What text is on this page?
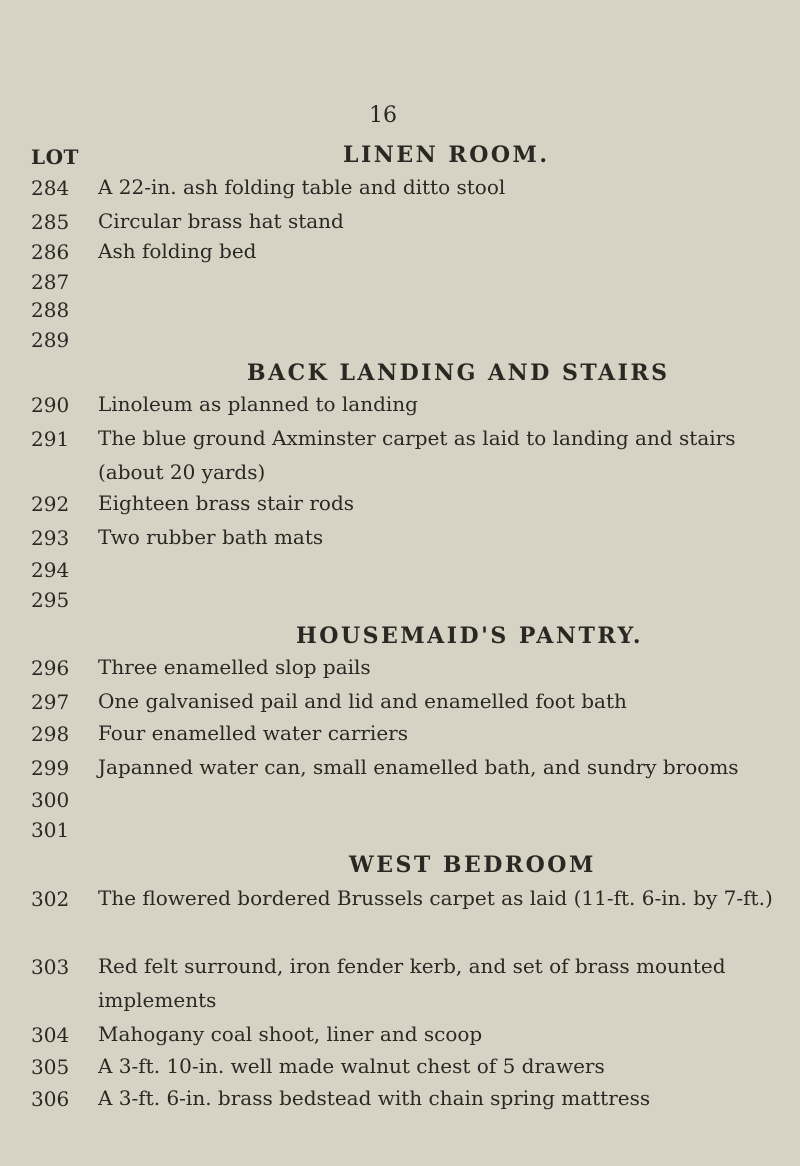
16
LOT	LINEN ROOM.
284 A 22-in. ash folding table and ditto stool
285 Circular brass hat stand
286 Ash folding bed
287
288
289
BACK LANDING AND STAIRS
290 Linoleum as planned to landing
291 The blue ground Axminster carpet as laid to landing and stairs (about 20 yards)
292 Eighteen brass stair rods
293 Two rubber bath mats
294
295
HOUSEMAID'S PANTRY.
296 Three enamelled slop pails
297 One galvanised pail and lid and enamelled foot bath
298 Four enamelled water carriers
299 Japanned water can, small enamelled bath, and sundry brooms
300
301
WEST BEDROOM
302 The flowered bordered Brussels carpet as laid (11-ft. 6-in. by 7-ft.)
303 Red felt surround, iron fender kerb, and set of brass mounted implements
304 Mahogany coal shoot, liner and scoop
305 A 3-ft. 10-in. well made walnut chest of 5 drawers
306 A 3-ft. 6-in. brass bedstead with chain spring mattress
